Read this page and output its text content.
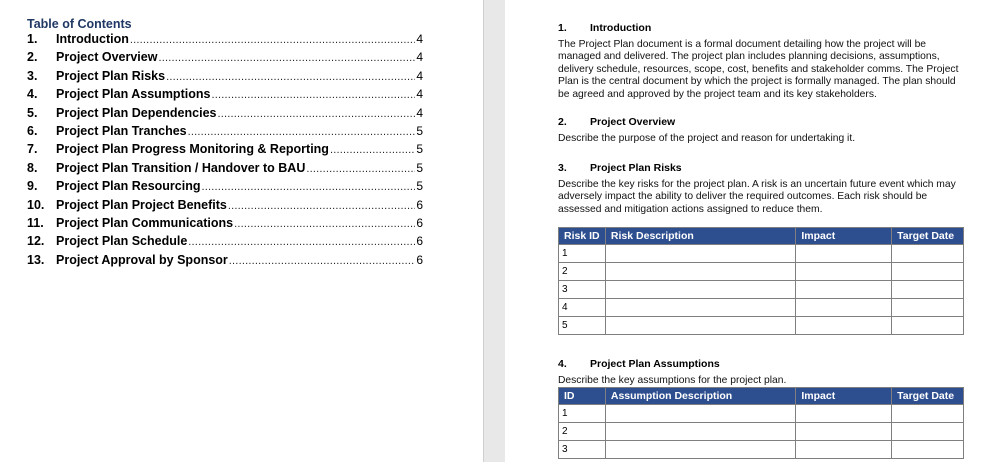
Table of Contents
1.	Introduction .....	4
2.	Project Overview .....	4
3.	Project Plan Risks .....	4
4.	Project Plan Assumptions .....	4
5.	Project Plan Dependencies .....	4
6.	Project Plan Tranches .....	5
7.	Project Plan Progress Monitoring & Reporting .....	5
8.	Project Plan Transition / Handover to BAU .....	5
9.	Project Plan Resourcing .....	5
10. Project Plan Project Benefits .....	6
11. Project Plan Communications .....	6
12. Project Plan Schedule .....	6
13. Project Approval by Sponsor .....	6
1.	Introduction
The Project Plan document is a formal document detailing how the project will be managed and delivered. The project plan includes planning decisions, assumptions, delivery schedule, resources, scope, cost, benefits and stakeholder comms. The Project Plan is the central document by which the project is formally managed. The plan should be agreed and approved by the project team and its key stakeholders.
2.	Project Overview
Describe the purpose of the project and reason for undertaking it.
3.	Project Plan Risks
Describe the key risks for the project plan. A risk is an uncertain future event which may adversely impact the ability to deliver the required outcomes. Each risk should be assessed and mitigation actions assigned to reduce them.
Risk ID	Risk Description	Impact	Target Date
1			
2			
3			
4			
5			
4.	Project Plan Assumptions
Describe the key assumptions for the project plan.
ID	Assumption Description	Impact	Target Date
1			
2			
3			
